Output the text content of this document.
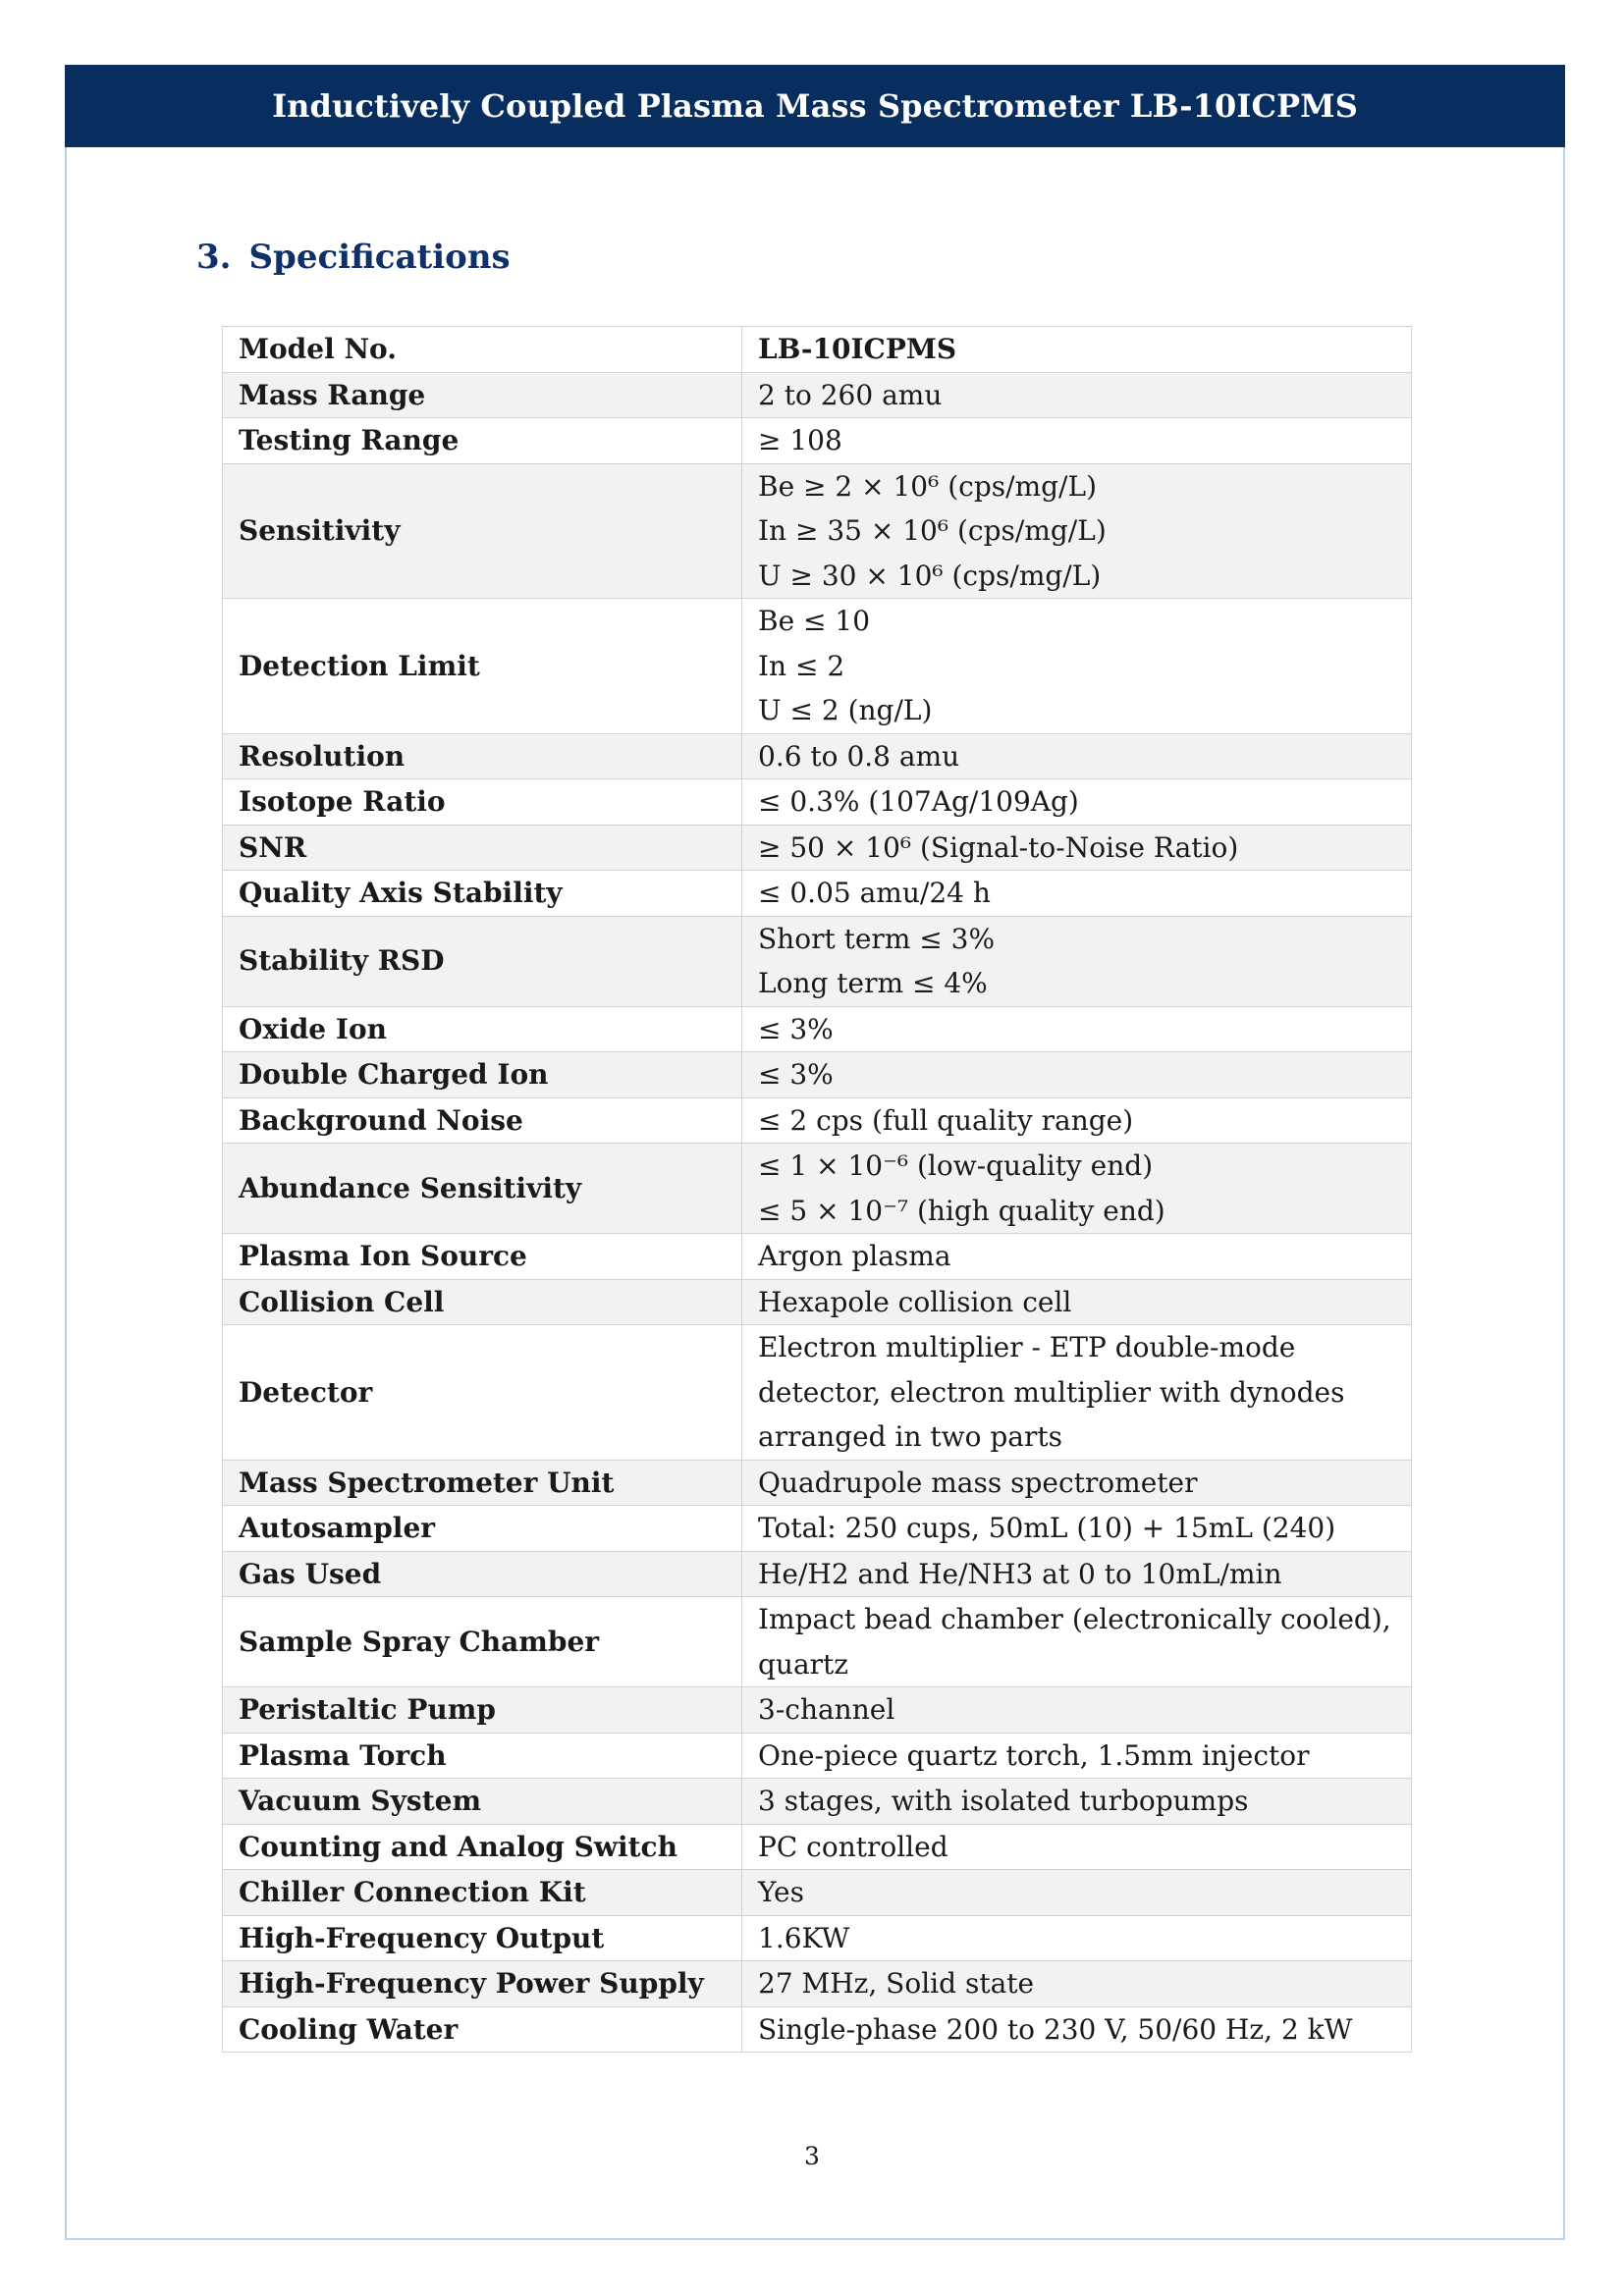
Inductively Coupled Plasma Mass Spectrometer LB-10ICPMS
3. Specifications
Model No.	LB-10ICPMS

Mass Range	2 to 260 amu

Testing Range	≥ 108

Sensitivity	Be ≥ 2 × 10⁶ (cps/mg/L)
In ≥ 35 × 10⁶ (cps/mg/L)
U ≥ 30 × 10⁶ (cps/mg/L)

Detection Limit	Be ≤ 10
In ≤ 2
U ≤ 2 (ng/L)

Resolution	0.6 to 0.8 amu

Isotope Ratio	≤ 0.3% (107Ag/109Ag)

SNR	≥ 50 × 10⁶ (Signal-to-Noise Ratio)

Quality Axis Stability	≤ 0.05 amu/24 h

Stability RSD	Short term ≤ 3%
Long term ≤ 4%

Oxide Ion	≤ 3%

Double Charged Ion	≤ 3%

Background Noise	≤ 2 cps (full quality range)

Abundance Sensitivity	≤ 1 × 10⁻⁶ (low-quality end)
≤ 5 × 10⁻⁷ (high quality end)

Plasma Ion Source	Argon plasma

Collision Cell	Hexapole collision cell

Detector	Electron multiplier - ETP double-mode
detector, electron multiplier with dynodes
arranged in two parts

Mass Spectrometer Unit	Quadrupole mass spectrometer

Autosampler	Total: 250 cups, 50mL (10) + 15mL (240)

Gas Used	He/H2 and He/NH3 at 0 to 10mL/min

Sample Spray Chamber	Impact bead chamber (electronically cooled),
quartz

Peristaltic Pump	3-channel

Plasma Torch	One-piece quartz torch, 1.5mm injector

Vacuum System	3 stages, with isolated turbopumps

Counting and Analog Switch	PC controlled

Chiller Connection Kit	Yes

High-Frequency Output	1.6KW

High-Frequency Power Supply	27 MHz, Solid state

Cooling Water	Single-phase 200 to 230 V, 50/60 Hz, 2 kW
3
